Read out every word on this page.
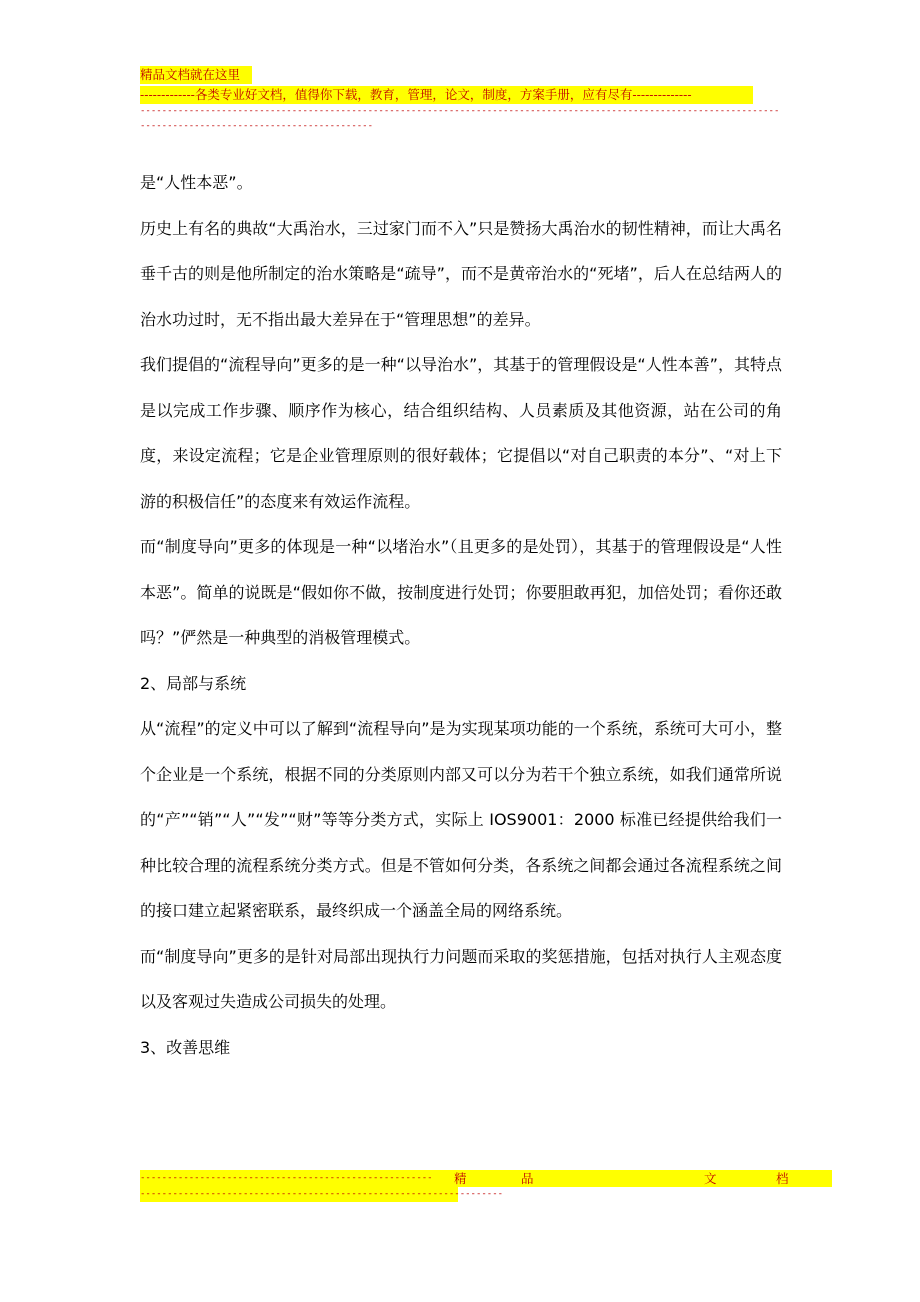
精品文档就在这里
-------------各类专业好文档，值得你下载，教育，管理，论文，制度，方案手册，应有尽有--------------
-----------------------------------------------------------------------------------------------------------------------------------------------------------------

是“人性本恶”。

历史上有名的典故“大禹治水，三过家门而不入”只是赞扬大禹治水的韧性精神，而让大禹名垂千古的则是他所制定的治水策略是“疏导”，而不是黄帝治水的“死堵”，后人在总结两人的治水功过时，无不指出最大差异在于“管理思想”的差异。

我们提倡的“流程导向”更多的是一种“以导治水”，其基于的管理假设是“人性本善”，其特点是以完成工作步骤、顺序作为核心，结合组织结构、人员素质及其他资源，站在公司的角度，来设定流程；它是企业管理原则的很好载体；它提倡以“对自己职责的本分”、“对上下游的积极信任”的态度来有效运作流程。

而“制度导向”更多的体现是一种“以堵治水”（且更多的是处罚），其基于的管理假设是“人性本恶”。简单的说既是“假如你不做，按制度进行处罚；你要胆敢再犯，加倍处罚；看你还敢吗？”俨然是一种典型的消极管理模式。

2、局部与系统

从“流程”的定义中可以了解到“流程导向”是为实现某项功能的一个系统，系统可大可小，整个企业是一个系统，根据不同的分类原则内部又可以分为若干个独立系统，如我们通常所说的“产”“销”“人”“发”“财”等等分类方式，实际上 IOS9001：2000 标准已经提供给我们一种比较合理的流程系统分类方式。但是不管如何分类，各系统之间都会通过各流程系统之间的接口建立起紧密联系，最终织成一个涵盖全局的网络系统。

而“制度导向”更多的是针对局部出现执行力问题而采取的奖惩措施，包括对执行人主观态度以及客观过失造成公司损失的处理。

3、改善思维

------------------------------------------------------ 精	品	文	档
-------------------------------------------------------------------
